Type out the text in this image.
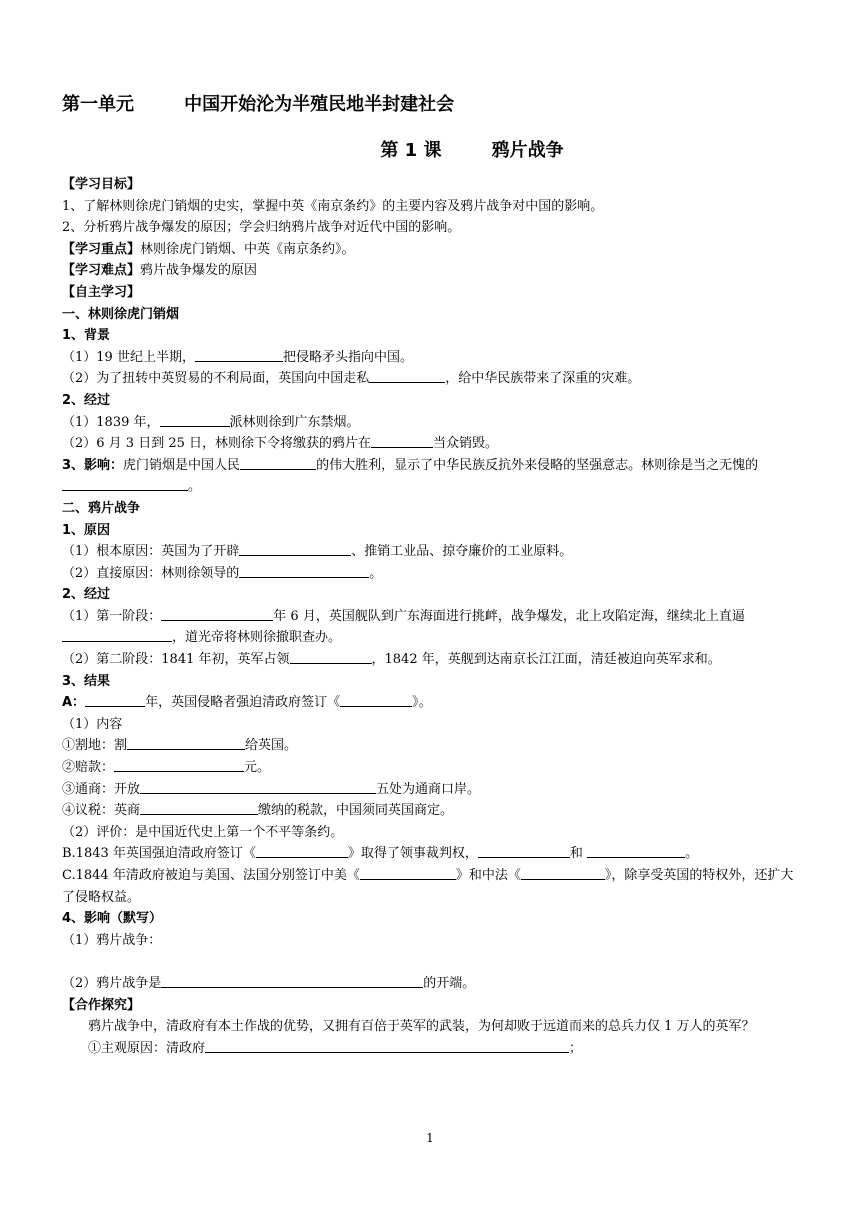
第一单元        中国开始沦为半殖民地半封建社会
第 1 课        鸦片战争
【学习目标】
1、了解林则徐虎门销烟的史实，掌握中英《南京条约》的主要内容及鸦片战争对中国的影响。
2、分析鸦片战争爆发的原因；学会归纳鸦片战争对近代中国的影响。
【学习重点】林则徐虎门销烟、中英《南京条约》。
【学习难点】鸦片战争爆发的原因
【自主学习】
一、林则徐虎门销烟
1、背景
（1）19 世纪上半期，	把侵略矛头指向中国。
（2）为了扭转中英贸易的不利局面，英国向中国走私	，给中华民族带来了深重的灾难。
2、经过
（1）1839 年，	派林则徐到广东禁烟。
（2）6 月 3 日到 25 日，林则徐下令将缴获的鸦片在	当众销毁。
3、影响：虎门销烟是中国人民	的伟大胜利，显示了中华民族反抗外来侵略的坚强意志。林则徐是当之无愧的。
二、鸦片战争
1、原因
（1）根本原因：英国为了开辟	、推销工业品、掠夺廉价的工业原料。
（2）直接原因：林则徐领导的	。
2、经过
（1）第一阶段：	年 6 月，英国舰队到广东海面进行挑衅，战争爆发，北上攻陷定海，继续北上直逼，道光帝将林则徐撤职查办。
（2）第二阶段：1841 年初，英军占领	，1842 年，英舰到达南京长江江面，清廷被迫向英军求和。
3、结果
A：	年，英国侵略者强迫清政府签订《	》。
（1）内容
①割地：割	给英国。
②赔款：	元。
③通商：开放	五处为通商口岸。
④议税：英商	缴纳的税款，中国须同英国商定。
（2）评价：是中国近代史上第一个不平等条约。
B.1843 年英国强迫清政府签订《	》取得了领事裁判权，	和	。
C.1844 年清政府被迫与美国、法国分别签订中美《	》和中法《	》，除享受英国的特权外，还扩大了侵略权益。
4、影响（默写）
（1）鸦片战争：
（2）鸦片战争是	的开端。
【合作探究】
鸦片战争中，清政府有本土作战的优势，又拥有百倍于英军的武装，为何却败于远道而来的总兵力仅 1 万人的英军？
①主观原因：清政府	；
1
